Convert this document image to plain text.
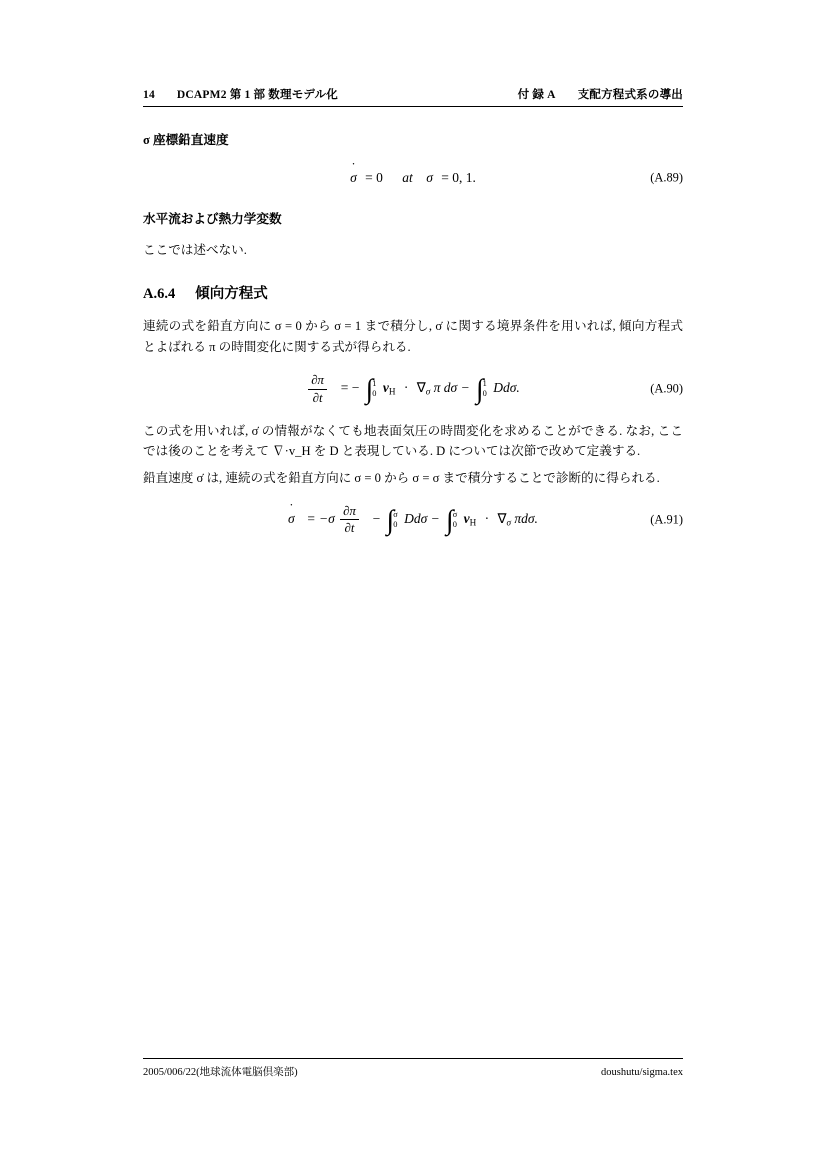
14 DCAPM2 第 1 部 数理モデル化	付 録 A 支配方程式系の導出

σ 座標鉛直速度

σ ˙ = 0 at σ = 0, 1.	(A.89)

水平流および熱力学変数

ここでは述べない.

A.6.4 傾向方程式

連続の式を鉛直方向に σ = 0 から σ = 1 まで積分し, σ̇ に関する境界条件を用いれば, 傾向方程式とよばれる π の時間変化に関する式が得られる.

$\frac{\partial\pi}{\partial t}$ = − ∫ 1
0 vH · $\nabla_\sigma$ π dσ − ∫ 1
0 Ddσ.	(A.90)

この式を用いれば, σ̇ の情報がなくても地表面気圧の時間変化を求めることができる. なお, ここでは後のことを考えて ∇·v_H を D と表現している. D については次節で改めて定義する.

鉛直速度 σ̇ は, 連続の式を鉛直方向に σ = 0 から σ = σ まで積分することで診断的に得られる.

σ ˙ = $-\sigma \frac{\partial\pi}{\partial t}$ − ∫ σ
0 Ddσ − ∫ σ
0 vH · $\nabla_\sigma$ πdσ.	(A.91)
2005/006/22(地球流体電脳倶楽部)	doushutu/sigma.tex
